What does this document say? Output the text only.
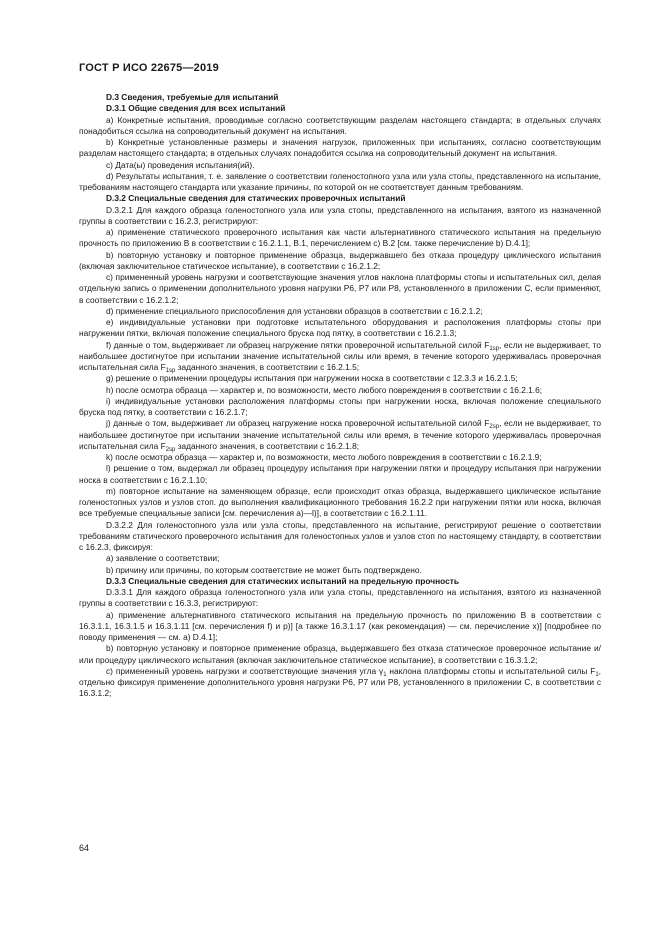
ГОСТ Р ИСО 22675—2019

D.3 Сведения, требуемые для испытаний

D.3.1 Общие сведения для всех испытаний

a) Конкретные испытания, проводимые согласно соответствующим разделам настоящего стандарта; в отдельных случаях понадобиться ссылка на сопроводительный документ на испытания.

b) Конкретные установленные размеры и значения нагрузок, приложенных при испытаниях, согласно соответствующим разделам настоящего стандарта; в отдельных случаях понадобится ссылка на сопроводительный документ на испытания.

c) Дата(ы) проведения испытания(ий).

d) Результаты испытания, т. е. заявление о соответствии голеностопного узла или узла стопы, представленного на испытание, требованиям настоящего стандарта или указание причины, по которой он не соответствует данным требованиям.

D.3.2 Специальные сведения для статических проверочных испытаний

D.3.2.1 Для каждого образца голеностопного узла или узла стопы, представленного на испытания, взятого из назначенной группы в соответствии с 16.2.3, регистрируют:

a) применение статического проверочного испытания как части альтернативного статического испытания на предельную прочность по приложению В в соответствии с 16.2.1.1, В.1, перечислением с) В.2 [см. также перечисление b) D.4.1];

b) повторную установку и повторное применение образца, выдержавшего без отказа процедуру циклического испытания (включая заключительное статическое испытание), в соответствии с 16.2.1.2;

c) примененный уровень нагрузки и соответствующие значения углов наклона платформы стопы и испытательных сил, делая отдельную запись о применении дополнительного уровня нагрузки Р6, Р7 или Р8, установленного в приложении С, если применяют, в соответствии с 16.2.1.2;

d) применение специального приспособления для установки образцов в соответствии с 16.2.1.2;

e) индивидуальные установки при подготовке испытательного оборудования и расположения платформы стопы при нагружении пятки, включая положение специального бруска под пятку, в соответствии с 16.2.1.3;

f) данные о том, выдерживает ли образец нагружение пятки проверочной испытательной силой $F_{1sp}$, если не выдерживает, то наибольшее достигнутое при испытании значение испытательной силы или время, в течение которого удерживалась проверочная испытательная сила $F_{1sp}$ заданного значения, в соответствии с 16.2.1.5;

g) решение о применении процедуры испытания при нагружении носка в соответствии с 12.3.3 и 16.2.1.5;

h) после осмотра образца — характер и, по возможности, место любого повреждения в соответствии с 16.2.1.6;

i) индивидуальные установки расположения платформы стопы при нагружении носка, включая положение специального бруска под пятку, в соответствии с 16.2.1.7;

j) данные о том, выдерживает ли образец нагружение носка проверочной испытательной силой $F_{2sp}$, если не выдерживает, то наибольшее достигнутое при испытании значение испытательной силы или время, в течение которого удерживалась проверочная испытательная сила $F_{2sp}$ заданного значения, в соответствии с 16.2.1.8;

k) после осмотра образца — характер и, по возможности, место любого повреждения в соответствии с 16.2.1.9;

l) решение о том, выдержал ли образец процедуру испытания при нагружении пятки и процедуру испытания при нагружении носка в соответствии с 16.2.1.10;

m) повторное испытание на заменяющем образце, если происходит отказ образца, выдержавшего циклическое испытание голеностопных узлов и узлов стоп. до выполнения квалификационного требования 16.2.2 при нагружении пятки или носка, включая все требуемые специальные записи [см. перечисления a)—l)], в соответствии с 16.2.1.11.

D.3.2.2 Для голеностопного узла или узла стопы, представленного на испытание, регистрируют решение о соответствии требованиям статического проверочного испытания для голеностопных узлов и узлов стоп по настоящему стандарту, в соответствии с 16.2.3, фиксируя:

a) заявление о соответствии;

b) причину или причины, по которым соответствие не может быть подтверждено.

D.3.3 Специальные сведения для статических испытаний на предельную прочность

D.3.3.1 Для каждого образца голеностопного узла или узла стопы, представленного на испытания, взятого из назначенной группы в соответствии с 16.3.3, регистрируют:

a) применение альтернативного статического испытания на предельную прочность по приложению В в соответствии с 16.3.1.1, 16.3.1.5 и 16.3.1.11 [см. перечисления f) и p)] [а также 16.3.1.17 (как рекомендация) — см. перечисление x)] [подробнее по поводу применения — см. а) D.4.1];

b) повторную установку и повторное применение образца, выдержавшего без отказа статическое проверочное испытание и/или процедуру циклического испытания (включая заключительное статическое испытание), в соответствии с 16.3.1.2;

c) примененный уровень нагрузки и соответствующие значения угла $\gamma_1$ наклона платформы стопы и испытательной силы $F_1$, отдельно фиксируя применение дополнительного уровня нагрузки Р6, Р7 или Р8, установленного в приложении С, в соответствии с 16.3.1.2;

64
